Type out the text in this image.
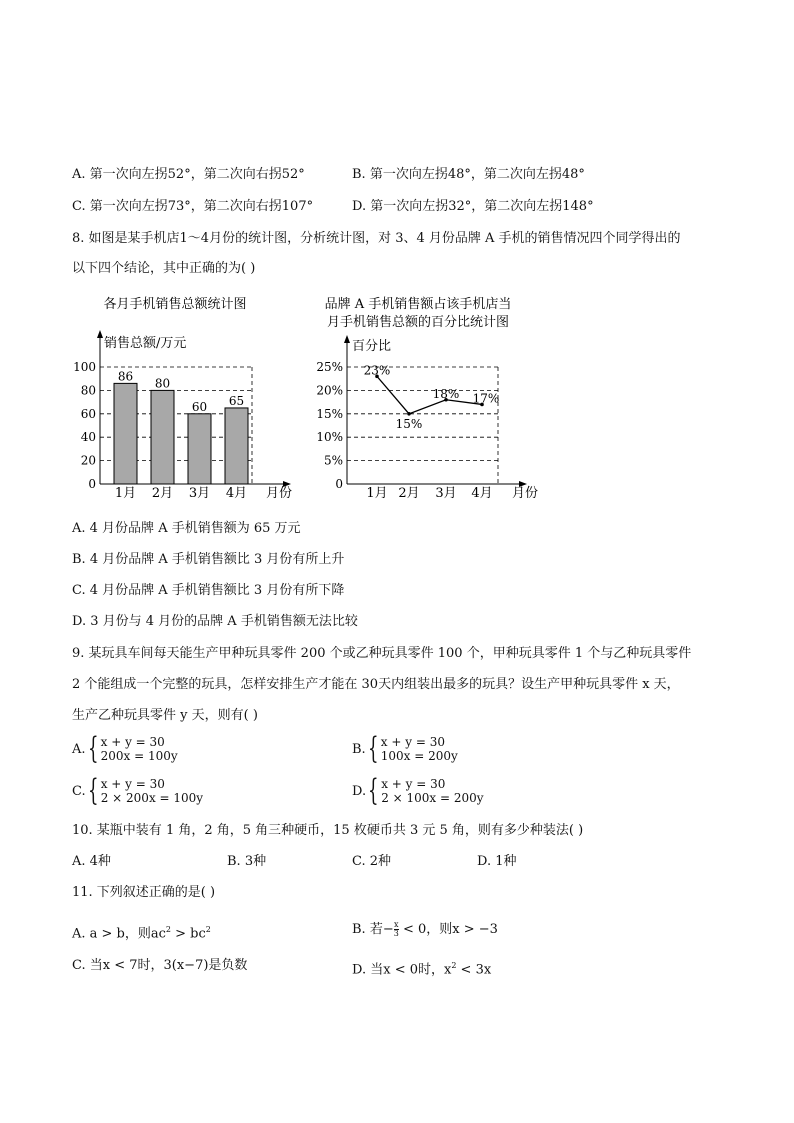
A. 第一次向左拐52°，第二次向右拐52°	B. 第一次向左拐48°，第二次向左拐48°
C. 第一次向左拐73°，第二次向右拐107°	D. 第一次向左拐32°，第二次向左拐148°
8. 如图是某手机店1～4月份的统计图，分析统计图，对 3、4 月份品牌 A 手机的销售情况四个同学得出的
以下四个结论，其中正确的为( )
各月手机销售总额统计图
销售总额/万元
月份
86
80
60 65
0
20
40
60
80
100
1月 2月 3月 4月
品牌 A 手机销售额占该手机店当
月手机销售总额的百分比统计图
百分比
月份
0
5%
10%
15%
20%
25%
1月 2月 3月 4月
23%
15%
18% 17%
A. 4 月份品牌 A 手机销售额为 65 万元
B. 4 月份品牌 A 手机销售额比 3 月份有所上升
C. 4 月份品牌 A 手机销售额比 3 月份有所下降
D. 3 月份与 4 月份的品牌 A 手机销售额无法比较
9. 某玩具车间每天能生产甲种玩具零件 200 个或乙种玩具零件 100 个，甲种玩具零件 1 个与乙种玩具零件
2 个能组成一个完整的玩具，怎样安排生产才能在 30天内组装出最多的玩具？设生产甲种玩具零件 x 天，
生产乙种玩具零件 y 天，则有( )
A. { x + y = 30
200x = 100y	B. { x + y = 30
100x = 200y
C. { x + y = 30
2 × 200x = 100y	D. { x + y = 30
2 × 100x = 200y
10. 某瓶中装有 1 角，2 角，5 角三种硬币，15 枚硬币共 3 元 5 角，则有多少种装法( )
A. 4种	B. 3种	C. 2种	D. 1种
11. 下列叙述正确的是( )
A. a > b，则$ac^2 > bc^2$	B. 若− $\frac{x}{3} < 0$，则x > −3
C. 当x < 7时，3(x−7)是负数	D. 当x < 0时，$x^2 < 3x$
